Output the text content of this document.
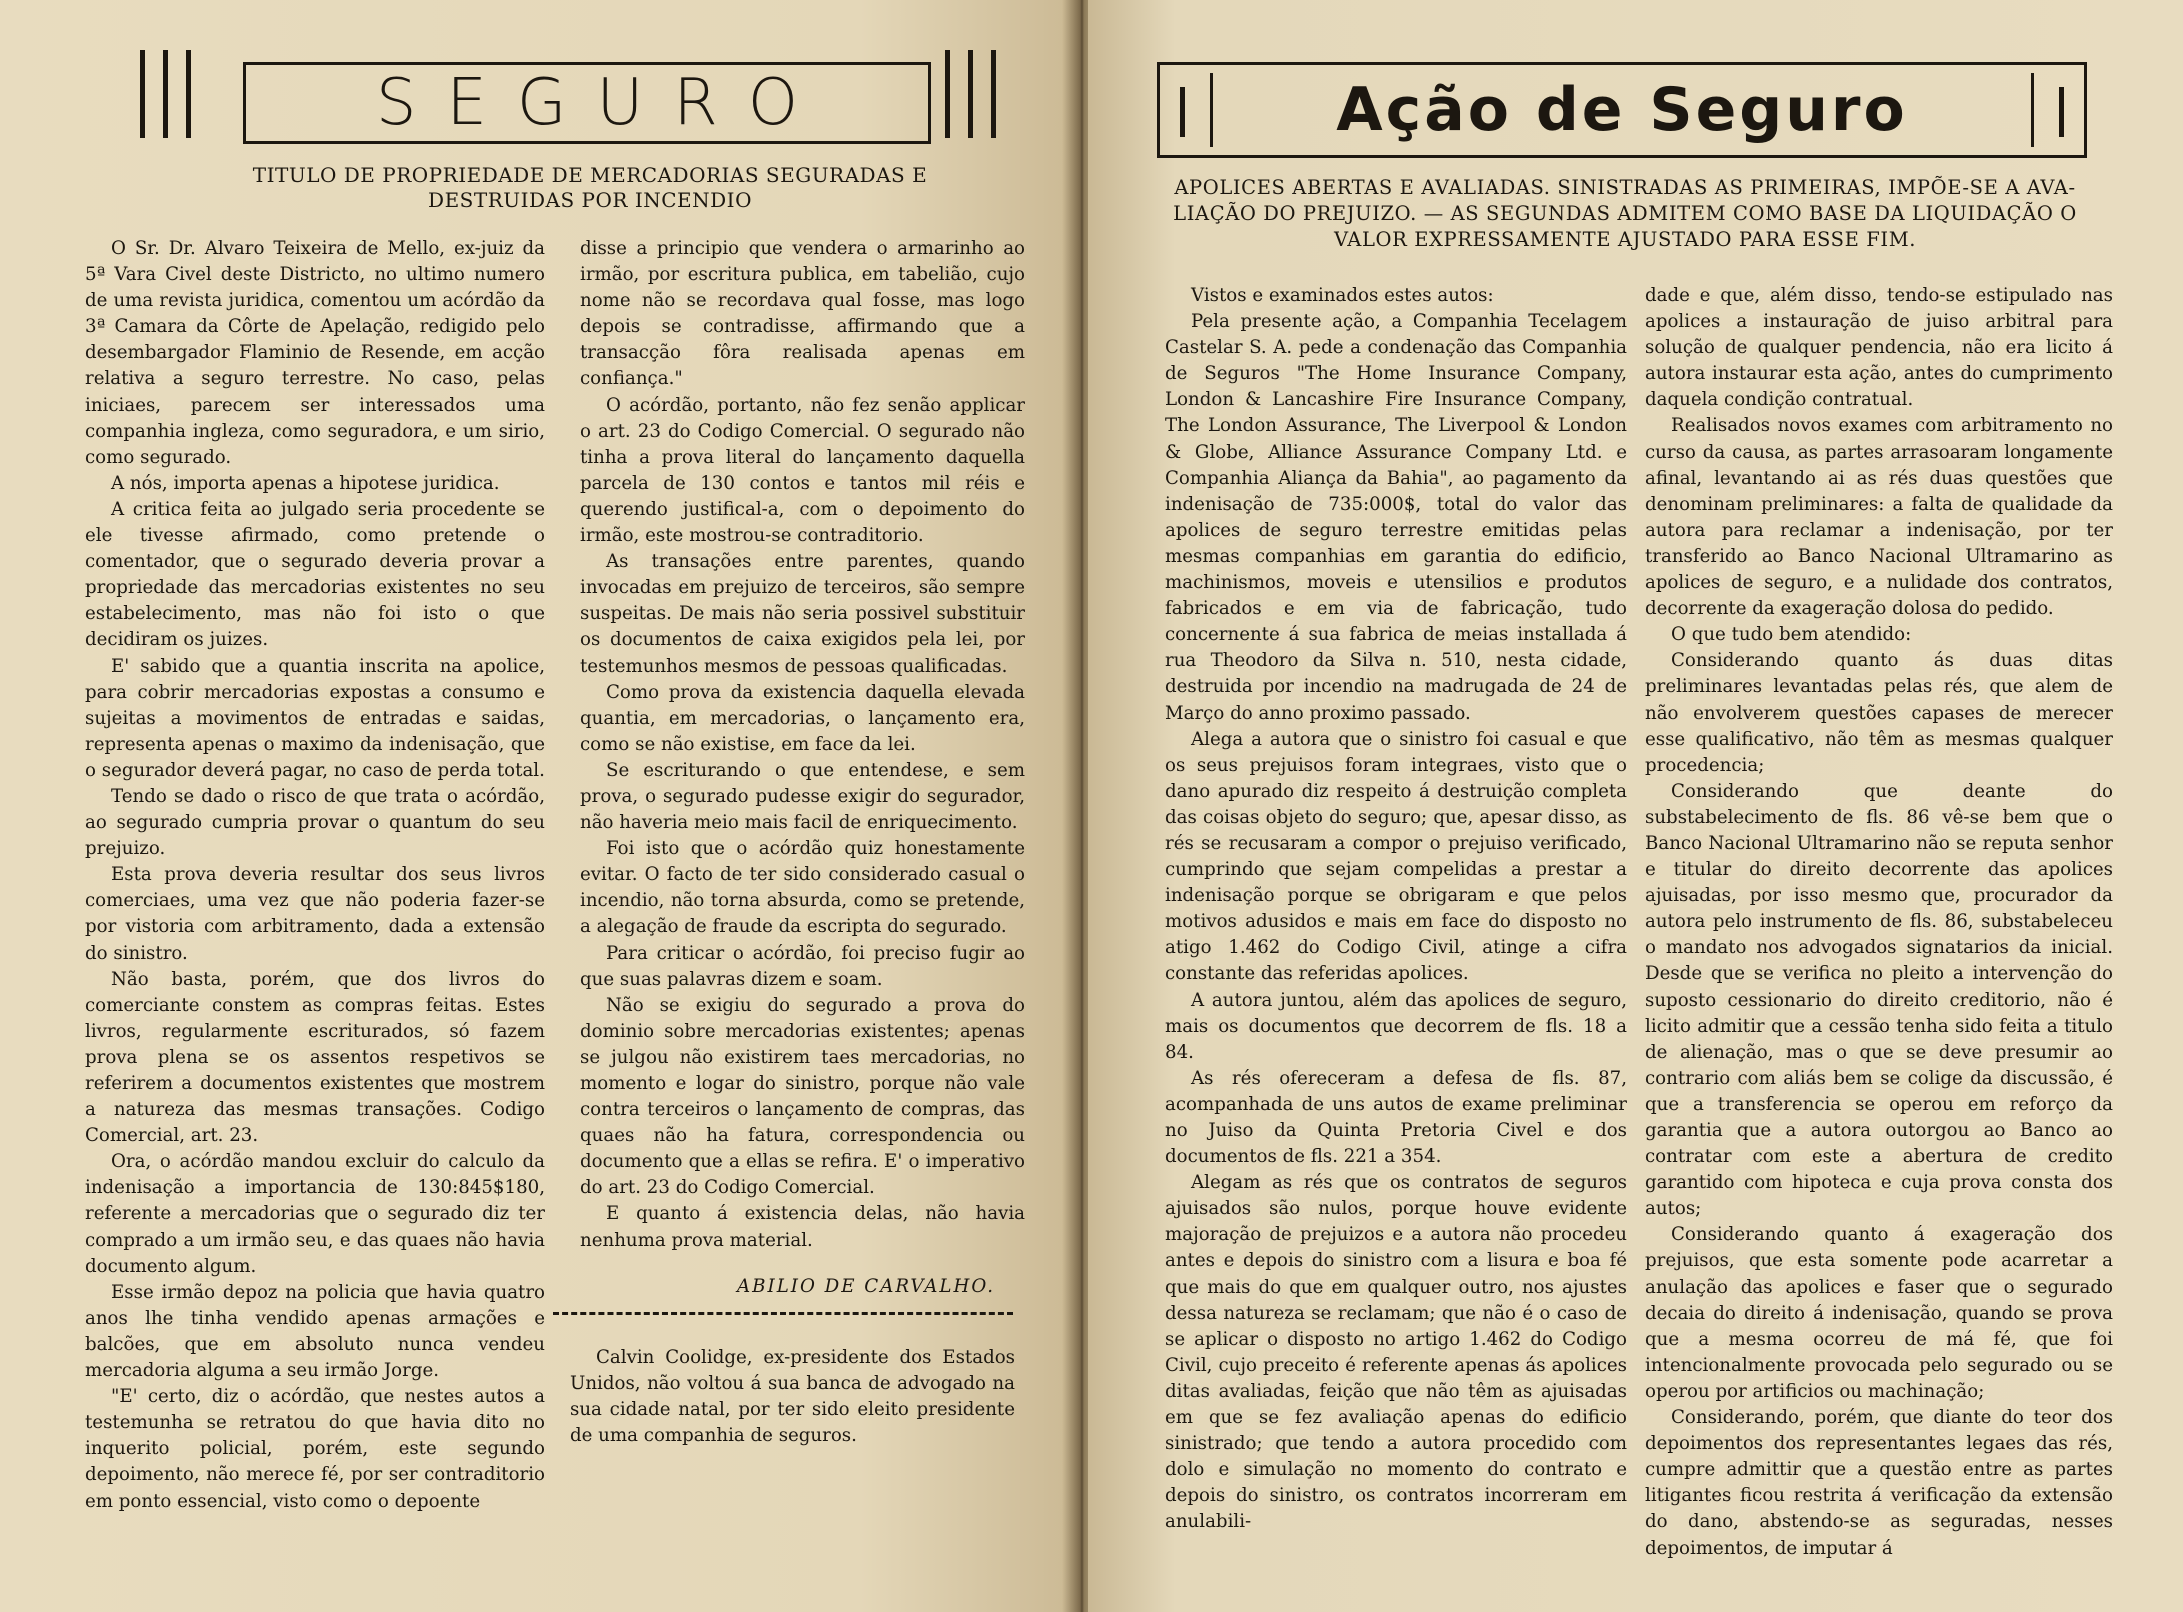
SEGURO
TITULO DE PROPRIEDADE DE MERCADORIAS SEGURADAS E
DESTRUIDAS POR INCENDIO

O Sr. Dr. Alvaro Teixeira de Mello, ex-juiz da 5ª Vara Civel deste Districto, no ultimo numero de uma revista juridica, comentou um acórdão da 3ª Camara da Côrte de Apelação, redigido pelo desembargador Flaminio de Resende, em acção relativa a seguro terrestre. No caso, pelas iniciaes, parecem ser interessados uma companhia ingleza, como seguradora, e um sirio, como segurado.

A nós, importa apenas a hipotese juridica.

A critica feita ao julgado seria procedente se ele tivesse afirmado, como pretende o comentador, que o segurado deveria provar a propriedade das mercadorias existentes no seu estabelecimento, mas não foi isto o que decidiram os juizes.

E' sabido que a quantia inscrita na apolice, para cobrir mercadorias expostas a consumo e sujeitas a movimentos de entradas e saidas, representa apenas o maximo da indenisação, que o segurador deverá pagar, no caso de perda total.

Tendo se dado o risco de que trata o acórdão, ao segurado cumpria provar o quantum do seu prejuizo.

Esta prova deveria resultar dos seus livros comerciaes, uma vez que não poderia fazer-se por vistoria com arbitramento, dada a extensão do sinistro.

Não basta, porém, que dos livros do comerciante constem as compras feitas. Estes livros, regularmente escriturados, só fazem prova plena se os assentos respetivos se referirem a documentos existentes que mostrem a natureza das mesmas transações. Codigo Comercial, art. 23.

Ora, o acórdão mandou excluir do calculo da indenisação a importancia de 130:845$180, referente a mercadorias que o segurado diz ter comprado a um irmão seu, e das quaes não havia documento algum.

Esse irmão depoz na policia que havia quatro anos lhe tinha vendido apenas armações e balcões, que em absoluto nunca vendeu mercadoria alguma a seu irmão Jorge.

"E' certo, diz o acórdão, que nestes autos a testemunha se retratou do que havia dito no inquerito policial, porém, este segundo depoimento, não merece fé, por ser contraditorio em ponto essencial, visto como o depoente

disse a principio que vendera o armarinho ao irmão, por escritura publica, em tabelião, cujo nome não se recordava qual fosse, mas logo depois se contradisse, affirmando que a transacção fôra realisada apenas em confiança."

O acórdão, portanto, não fez senão applicar o art. 23 do Codigo Comercial. O segurado não tinha a prova literal do lançamento daquella parcela de 130 contos e tantos mil réis e querendo justifical-a, com o depoimento do irmão, este mostrou-se contraditorio.

As transações entre parentes, quando invocadas em prejuizo de terceiros, são sempre suspeitas. De mais não seria possivel substituir os documentos de caixa exigidos pela lei, por testemunhos mesmos de pessoas qualificadas.

Como prova da existencia daquella elevada quantia, em mercadorias, o lançamento era, como se não existise, em face da lei.

Se escriturando o que entendese, e sem prova, o segurado pudesse exigir do segurador, não haveria meio mais facil de enriquecimento.

Foi isto que o acórdão quiz honestamente evitar. O facto de ter sido considerado casual o incendio, não torna absurda, como se pretende, a alegação de fraude da escripta do segurado.

Para criticar o acórdão, foi preciso fugir ao que suas palavras dizem e soam.

Não se exigiu do segurado a prova do dominio sobre mercadorias existentes; apenas se julgou não existirem taes mercadorias, no momento e logar do sinistro, porque não vale contra terceiros o lançamento de compras, das quaes não ha fatura, correspondencia ou documento que a ellas se refira. E' o imperativo do art. 23 do Codigo Comercial.

E quanto á existencia delas, não havia nenhuma prova material.

ABILIO DE CARVALHO.

Calvin Coolidge, ex-presidente dos Estados Unidos, não voltou á sua banca de advogado na sua cidade natal, por ter sido eleito presidente de uma companhia de seguros.

Ação de Seguro
APOLICES ABERTAS E AVALIADAS. SINISTRADAS AS PRIMEIRAS, IMPÕE-SE A AVA-
LIAÇÃO DO PREJUIZO. — AS SEGUNDAS ADMITEM COMO BASE DA LIQUIDAÇÃO O
VALOR EXPRESSAMENTE AJUSTADO PARA ESSE FIM.

Vistos e examinados estes autos:

Pela presente ação, a Companhia Tecelagem Castelar S. A. pede a condenação das Companhia de Seguros "The Home Insurance Company, London & Lancashire Fire Insurance Company, The London Assurance, The Liverpool & London & Globe, Alliance Assurance Company Ltd. e Companhia Aliança da Bahia", ao pagamento da indenisação de 735:000$, total do valor das apolices de seguro terrestre emitidas pelas mesmas companhias em garantia do edificio, machinismos, moveis e utensilios e produtos fabricados e em via de fabricação, tudo concernente á sua fabrica de meias installada á rua Theodoro da Silva n. 510, nesta cidade, destruida por incendio na madrugada de 24 de Março do anno proximo passado.

Alega a autora que o sinistro foi casual e que os seus prejuisos foram integraes, visto que o dano apurado diz respeito á destruição completa das coisas objeto do seguro; que, apesar disso, as rés se recusaram a compor o prejuiso verificado, cumprindo que sejam compelidas a prestar a indenisação porque se obrigaram e que pelos motivos adusidos e mais em face do disposto no atigo 1.462 do Codigo Civil, atinge a cifra constante das referidas apolices.

A autora juntou, além das apolices de seguro, mais os documentos que decorrem de fls. 18 a 84.

As rés ofereceram a defesa de fls. 87, acompanhada de uns autos de exame preliminar no Juiso da Quinta Pretoria Civel e dos documentos de fls. 221 a 354.

Alegam as rés que os contratos de seguros ajuisados são nulos, porque houve evidente majoração de prejuizos e a autora não procedeu antes e depois do sinistro com a lisura e boa fé que mais do que em qualquer outro, nos ajustes dessa natureza se reclamam; que não é o caso de se aplicar o disposto no artigo 1.462 do Codigo Civil, cujo preceito é referente apenas ás apolices ditas avaliadas, feição que não têm as ajuisadas em que se fez avaliação apenas do edificio sinistrado; que tendo a autora procedido com dolo e simulação no momento do contrato e depois do sinistro, os contratos incorreram em anulabili-

dade e que, além disso, tendo-se estipulado nas apolices a instauração de juiso arbitral para solução de qualquer pendencia, não era licito á autora instaurar esta ação, antes do cumprimento daquela condição contratual.

Realisados novos exames com arbitramento no curso da causa, as partes arrasoaram longamente afinal, levantando ai as rés duas questões que denominam preliminares: a falta de qualidade da autora para reclamar a indenisação, por ter transferido ao Banco Nacional Ultramarino as apolices de seguro, e a nulidade dos contratos, decorrente da exageração dolosa do pedido.

O que tudo bem atendido:

Considerando quanto ás duas ditas preliminares levantadas pelas rés, que alem de não envolverem questões capases de merecer esse qualificativo, não têm as mesmas qualquer procedencia;

Considerando que deante do substabelecimento de fls. 86 vê-se bem que o Banco Nacional Ultramarino não se reputa senhor e titular do direito decorrente das apolices ajuisadas, por isso mesmo que, procurador da autora pelo instrumento de fls. 86, substabeleceu o mandato nos advogados signatarios da inicial. Desde que se verifica no pleito a intervenção do suposto cessionario do direito creditorio, não é licito admitir que a cessão tenha sido feita a titulo de alienação, mas o que se deve presumir ao contrario com aliás bem se colige da discussão, é que a transferencia se operou em reforço da garantia que a autora outorgou ao Banco ao contratar com este a abertura de credito garantido com hipoteca e cuja prova consta dos autos;

Considerando quanto á exageração dos prejuisos, que esta somente pode acarretar a anulação das apolices e faser que o segurado decaia do direito á indenisação, quando se prova que a mesma ocorreu de má fé, que foi intencionalmente provocada pelo segurado ou se operou por artificios ou machinação;

Considerando, porém, que diante do teor dos depoimentos dos representantes legaes das rés, cumpre admittir que a questão entre as partes litigantes ficou restrita á verificação da extensão do dano, abstendo-se as seguradas, nesses depoimentos, de imputar á
